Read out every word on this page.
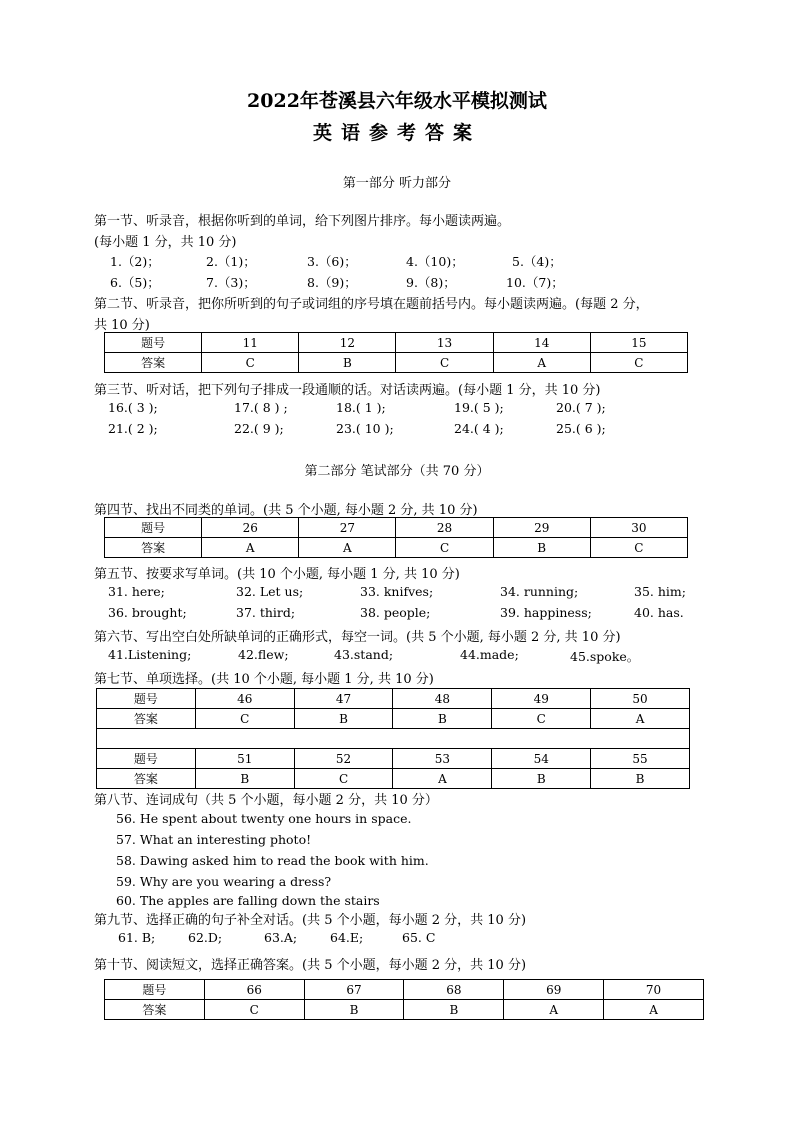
2022年苍溪县六年级水平模拟测试
英语参考答案
第一部分 听力部分
第一节、听录音，根据你听到的单词，给下列图片排序。每小题读两遍。
(每小题 1 分，共 10 分)
1.（2)；	2.（1)；	3.（6)；	4.（10)；	5.（4)；
6.（5)；	7.（3)；	8.（9)；	9.（8)；	10.（7)；
第二节、听录音，把你所听到的句子或词组的序号填在题前括号内。每小题读两遍。(每题 2 分，
共 10 分)
题号	11	12	13	14	15
答案	C	B	C	A	C
第三节、听对话，把下列句子排成一段通顺的话。对话读两遍。(每小题 1 分，共 10 分)
16.( 3 );	17.( 8 ) ;	18.( 1 );	19.( 5 );	20.( 7 );
21.( 2 );	22.( 9 );	23.( 10 );	24.( 4 );	25.( 6 );
第二部分 笔试部分（共 70 分）
第四节、找出不同类的单词。(共 5 个小题, 每小题 2 分, 共 10 分)
题号	26	27	28	29	30
答案	A	A	C	B	C
第五节、按要求写单词。(共 10 个小题, 每小题 1 分, 共 10 分)
31. here;	32. Let us;	33. knifves;	34. running;	35. him;
36. brought;	37. third;	38. people;	39. happiness;	40. has.
第六节、写出空白处所缺单词的正确形式，每空一词。(共 5 个小题, 每小题 2 分, 共 10 分)
41.Listening;	42.flew;	43.stand;	44.made;	45.spoke。
第七节、单项选择。(共 10 个小题, 每小题 1 分, 共 10 分)
题号	46	47	48	49	50
答案	C	B	B	C	A

题号	51	52	53	54	55
答案	B	C	A	B	B
第八节、连词成句（共 5 个小题，每小题 2 分，共 10 分）
56. He spent about twenty one hours in space.
57. What an interesting photo!
58. Dawing asked him to read the book with him.
59. Why are you wearing a dress?
60. The apples are falling down the stairs
第九节、选择正确的句子补全对话。(共 5 个小题，每小题 2 分，共 10 分)
61. B;	62.D;	63.A;	64.E;	65. C
第十节、阅读短文，选择正确答案。(共 5 个小题，每小题 2 分，共 10 分)
题号	66	67	68	69	70
答案	C	B	B	A	A
